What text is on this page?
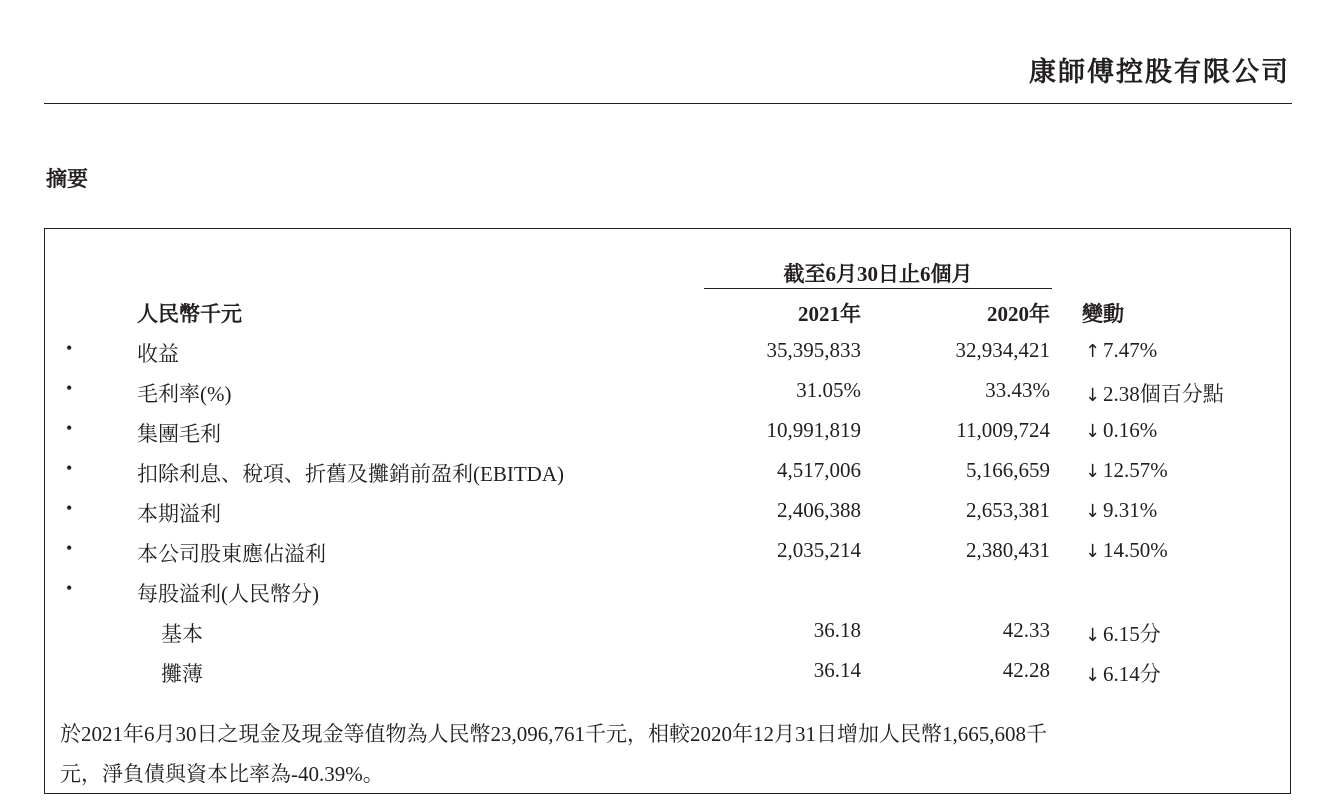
康師傅控股有限公司
摘要
截至6月30日止6個月
人民幣千元	2021年	2020年 變動
•	收益	35,395,833	32,934,421 ↑ 7.47%
•	毛利率(%)	31.05%	33.43% ↓ 2.38個百分點
•	集團毛利	10,991,819	11,009,724 ↓ 0.16%
•	扣除利息、稅項、折舊及攤銷前盈利(EBITDA)	4,517,006	5,166,659 ↓ 12.57%
•	本期溢利	2,406,388	2,653,381 ↓ 9.31%
•	本公司股東應佔溢利	2,035,214	2,380,431 ↓ 14.50%
•	每股溢利(人民幣分)
基本	36.18	42.33 ↓ 6.15分
攤薄	36.14	42.28 ↓ 6.14分
於2021年6月30日之現金及現金等值物為人民幣23,096,761千元，相較2020年12月31日增加人民幣1,665,608千
元，淨負債與資本比率為-40.39%。
